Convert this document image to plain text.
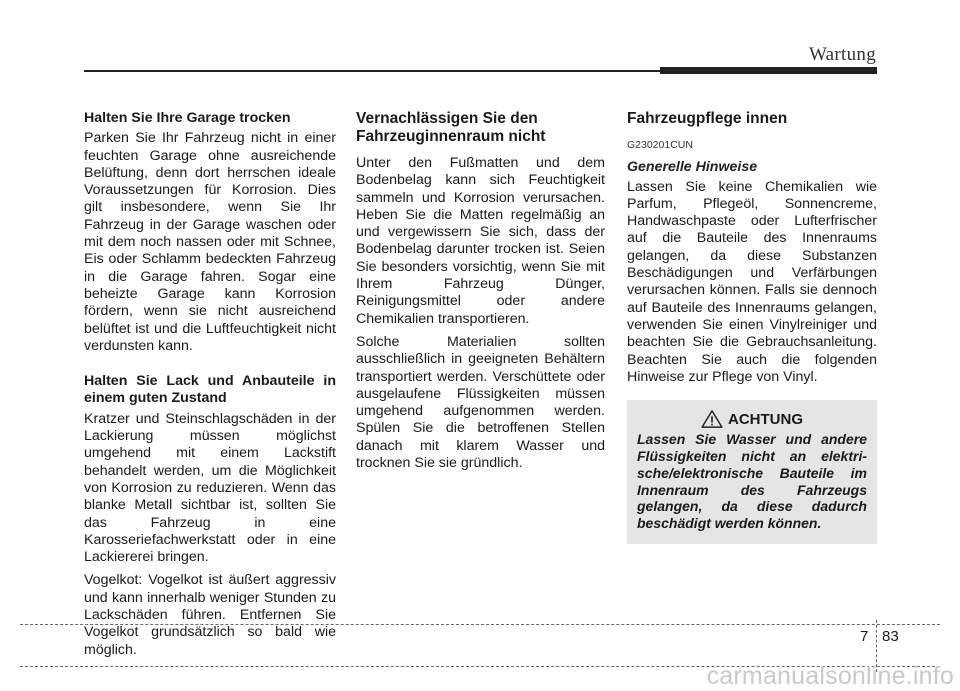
Wartung
Halten Sie Ihre Garage trocken

Parken Sie Ihr Fahrzeug nicht in einer feuchten Garage ohne ausreichende Belüftung, denn dort herrschen ideale Voraussetzungen für Korrosion. Dies gilt insbesondere, wenn Sie Ihr Fahrzeug in der Garage waschen oder mit dem noch nassen oder mit Schnee, Eis oder Schlamm bedeckten Fahrzeug in die Garage fahren. Sogar eine beheizte Garage kann Korrosion fördern, wenn sie nicht ausreichend belüftet ist und die Luftfeuchtigkeit nicht verdunsten kann.

Halten Sie Lack und Anbauteile in einem guten Zustand

Kratzer und Steinschlagschäden in der Lackierung müssen möglichst umgehend mit einem Lackstift behandelt werden, um die Möglichkeit von Korrosion zu reduzieren. Wenn das blanke Metall sichtbar ist, sollten Sie das Fahrzeug in eine Karosseriefachwerkstatt oder in eine Lackiererei bringen.

Vogelkot: Vogelkot ist äußert aggressiv und kann innerhalb weniger Stunden zu Lackschäden führen. Entfernen Sie Vogelkot grundsätzlich so bald wie möglich.

Vernachlässigen Sie den Fahrzeuginnenraum nicht

Unter den Fußmatten und dem Bodenbelag kann sich Feuchtigkeit sammeln und Korrosion verursachen. Heben Sie die Matten regelmäßig an und vergewissern Sie sich, dass der Bodenbelag darunter trocken ist. Seien Sie besonders vorsichtig, wenn Sie mit Ihrem Fahrzeug Dünger, Reinigungsmittel oder andere Chemikalien transportieren.

Solche Materialien sollten ausschließlich in geeigneten Behältern transportiert werden. Verschüttete oder ausgelaufene Flüssigkeiten müssen umgehend aufgenommen werden. Spülen Sie die betroffenen Stellen danach mit klarem Wasser und trocknen Sie sie gründlich.

Fahrzeugpflege innen
G230201CUN
Generelle Hinweise

Lassen Sie keine Chemikalien wie Parfum, Pflegeöl, Sonnencreme, Handwaschpaste oder Lufterfrischer auf die Bauteile des Innenraums gelangen, da diese Substanzen Beschädigungen und Verfärbungen verursachen können. Falls sie dennoch auf Bauteile des Innenraums gelangen, verwenden Sie einen Vinylreiniger und beachten Sie die Gebrauchsanleitung. Beachten Sie auch die folgenden Hinweise zur Pflege von Vinyl.

ACHTUNG
Lassen Sie Wasser und andere Flüssigkeiten nicht an elektri-sche/elektronische Bauteile im Innenraum des Fahrzeugs gelangen, da diese dadurch beschädigt werden können.
7 83
carmanualsonline.info
